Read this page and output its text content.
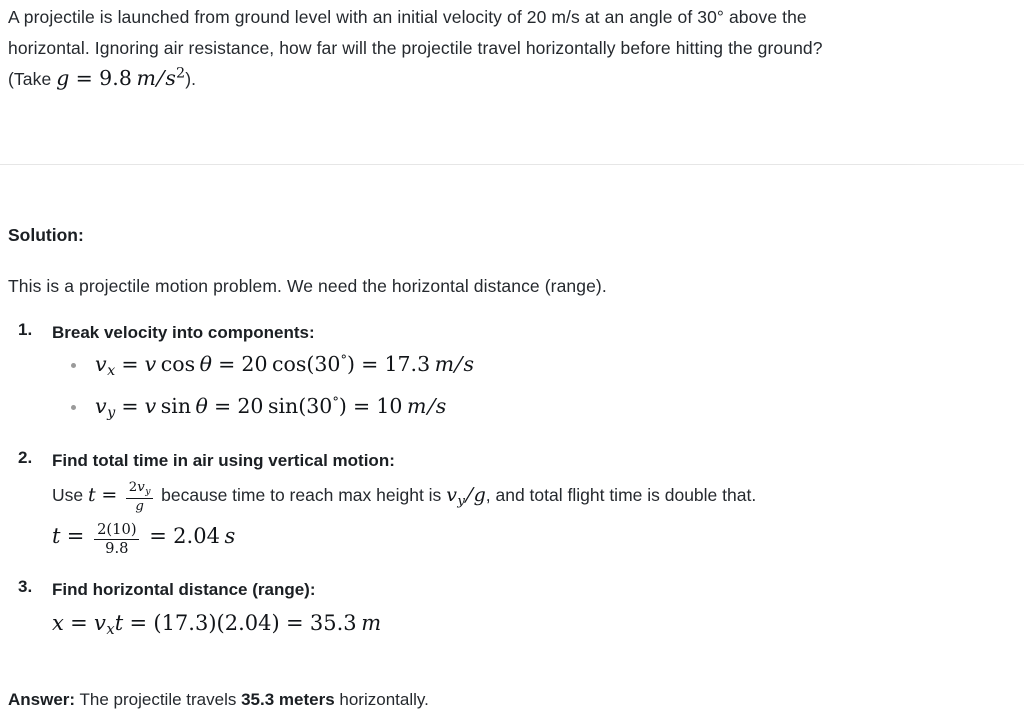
A projectile is launched from ground level with an initial velocity of 20 m/s at an angle of 30° above the
horizontal. Ignoring air resistance, how far will the projectile travel horizontally before hitting the ground?
(Take g = 9.8 $m/s^2$).
Solution:
This is a projectile motion problem. We need the horizontal distance (range).
1. Break velocity into components:
$v_x = v$ cos θ = 20 cos(30°) = 17.3 m/s
$v_y = v$ sin θ = 20 sin(30°) = 10 m/s
2. Find total time in air using vertical motion:
Use $t = \frac{2v_y}{g}$ because time to reach max height is $v_y/g$, and total flight time is double that.
$t = \frac{2(10)}{9.8} = 2.04$ s
3. Find horizontal distance (range):
$x = v_xt = (17.3)(2.04) = 35.3$ m
Answer: The projectile travels 35.3 meters horizontally.
